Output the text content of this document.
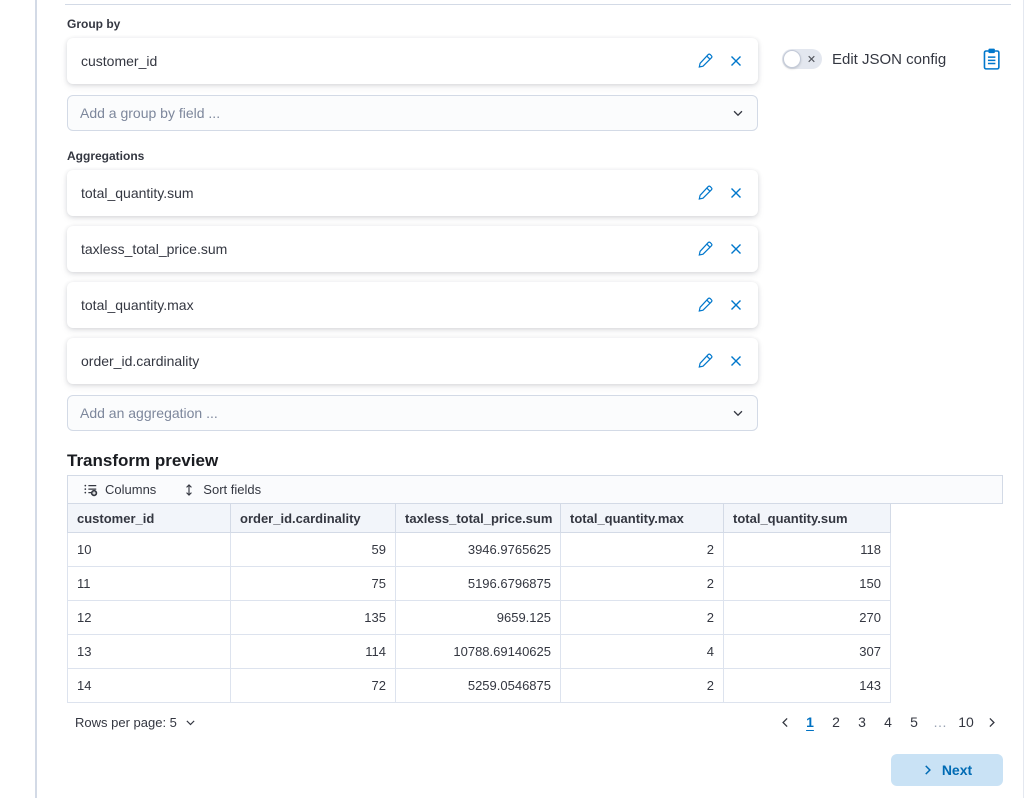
Group by
customer_id
Add a group by field ...
Edit JSON config
Aggregations
total_quantity.sum
taxless_total_price.sum
total_quantity.max
order_id.cardinality
Add an aggregation ...
Transform preview
Columns	Sort fields
customer_id	order_id.cardinality	taxless_total_price.sum	total_quantity.max	total_quantity.sum
10	59	3946.9765625	2	118
11	75	5196.6796875	2	150
12	135	9659.125	2	270
13	114	10788.69140625	4	307
14	72	5259.0546875	2	143
Rows per page: 5	1	2	3	4	5	… 10
Next
